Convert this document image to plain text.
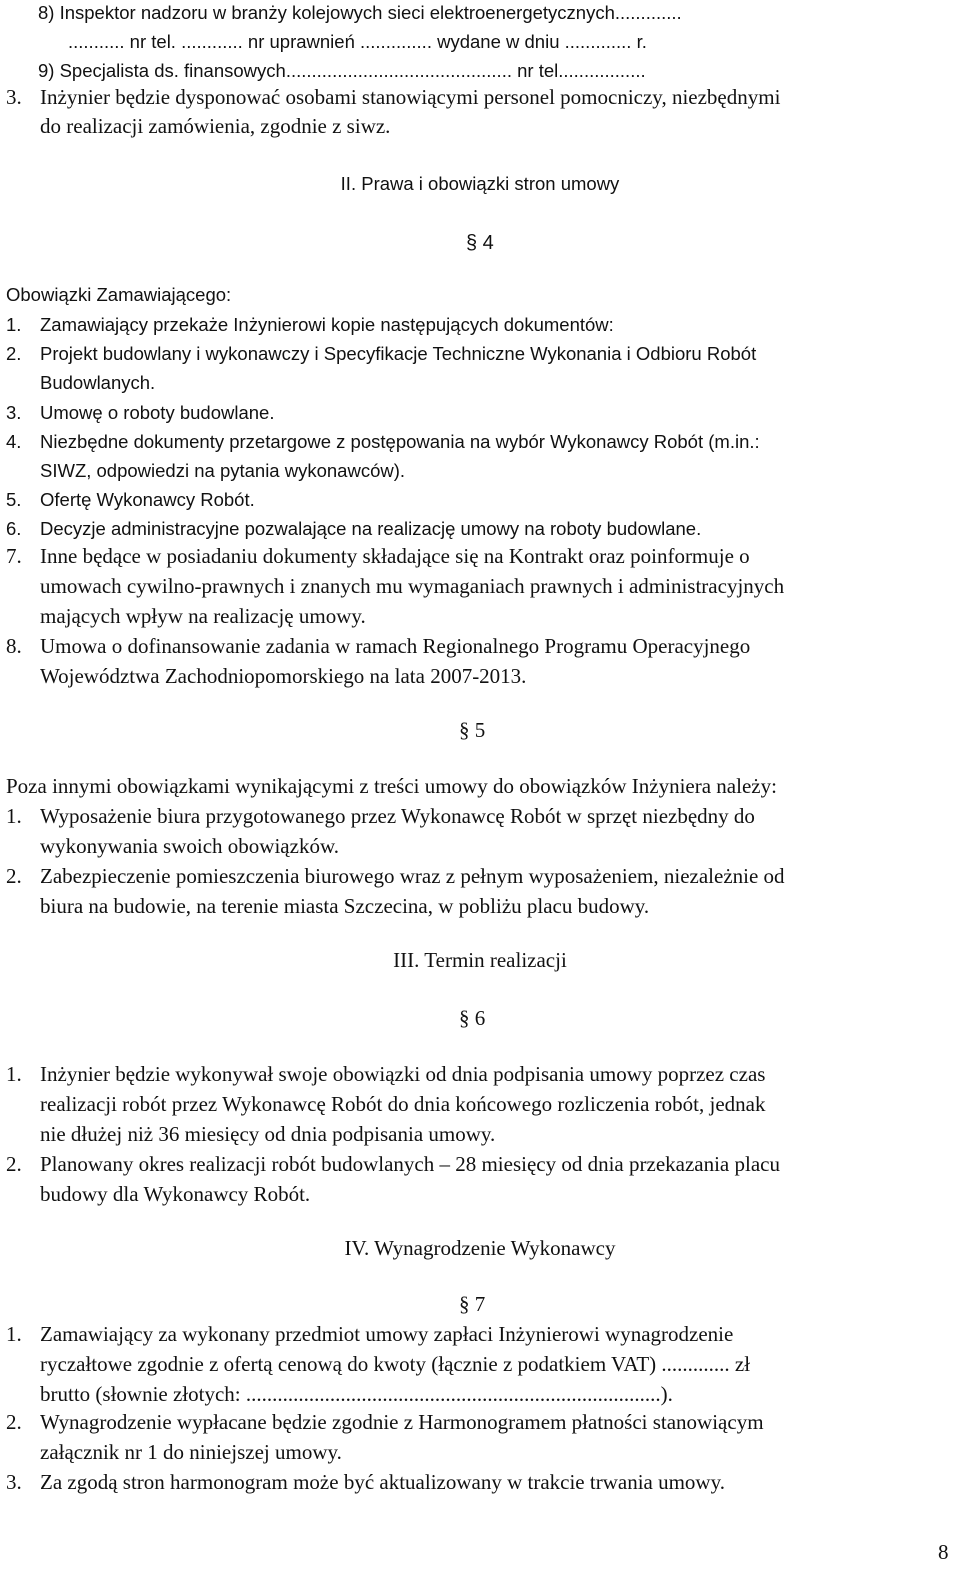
8) Inspektor nadzoru w branży kolejowych sieci elektroenergetycznych.............
........... nr tel. ............ nr uprawnień .............. wydane w dniu ............. r.
9) Specjalista ds. finansowych............................................ nr tel.................
3. Inżynier będzie dysponować osobami stanowiącymi personel pomocniczy, niezbędnymi
do realizacji zamówienia, zgodnie z siwz.
II. Prawa i obowiązki stron umowy
§ 4
Obowiązki Zamawiającego:
1. Zamawiający przekaże Inżynierowi kopie następujących dokumentów:
2. Projekt budowlany i wykonawczy i Specyfikacje Techniczne Wykonania i Odbioru Robót
Budowlanych.
3. Umowę o roboty budowlane.
4. Niezbędne dokumenty przetargowe z postępowania na wybór Wykonawcy Robót (m.in.:
SIWZ, odpowiedzi na pytania wykonawców).
5. Ofertę Wykonawcy Robót.
6. Decyzje administracyjne pozwalające na realizację umowy na roboty budowlane.
7. Inne będące w posiadaniu dokumenty składające się na Kontrakt oraz poinformuje o
umowach cywilno-prawnych i znanych mu wymaganiach prawnych i administracyjnych
mających wpływ na realizację umowy.
8. Umowa o dofinansowanie zadania w ramach Regionalnego Programu Operacyjnego
Województwa Zachodniopomorskiego na lata 2007-2013.
§ 5
Poza innymi obowiązkami wynikającymi z treści umowy do obowiązków Inżyniera należy:
1. Wyposażenie biura przygotowanego przez Wykonawcę Robót w sprzęt niezbędny do
wykonywania swoich obowiązków.
2. Zabezpieczenie pomieszczenia biurowego wraz z pełnym wyposażeniem, niezależnie od
biura na budowie, na terenie miasta Szczecina, w pobliżu placu budowy.
III. Termin realizacji
§ 6
1. Inżynier będzie wykonywał swoje obowiązki od dnia podpisania umowy poprzez czas
realizacji robót przez Wykonawcę Robót do dnia końcowego rozliczenia robót, jednak
nie dłużej niż 36 miesięcy od dnia podpisania umowy.
2. Planowany okres realizacji robót budowlanych – 28 miesięcy od dnia przekazania placu
budowy dla Wykonawcy Robót.
IV. Wynagrodzenie Wykonawcy
§ 7
1. Zamawiający za wykonany przedmiot umowy zapłaci Inżynierowi wynagrodzenie
ryczałtowe zgodnie z ofertą cenową do kwoty (łącznie z podatkiem VAT) ............. zł
brutto (słownie złotych: ...............................................................................).
2. Wynagrodzenie wypłacane będzie zgodnie z Harmonogramem płatności stanowiącym
załącznik nr 1 do niniejszej umowy.
3. Za zgodą stron harmonogram może być aktualizowany w trakcie trwania umowy.
8
